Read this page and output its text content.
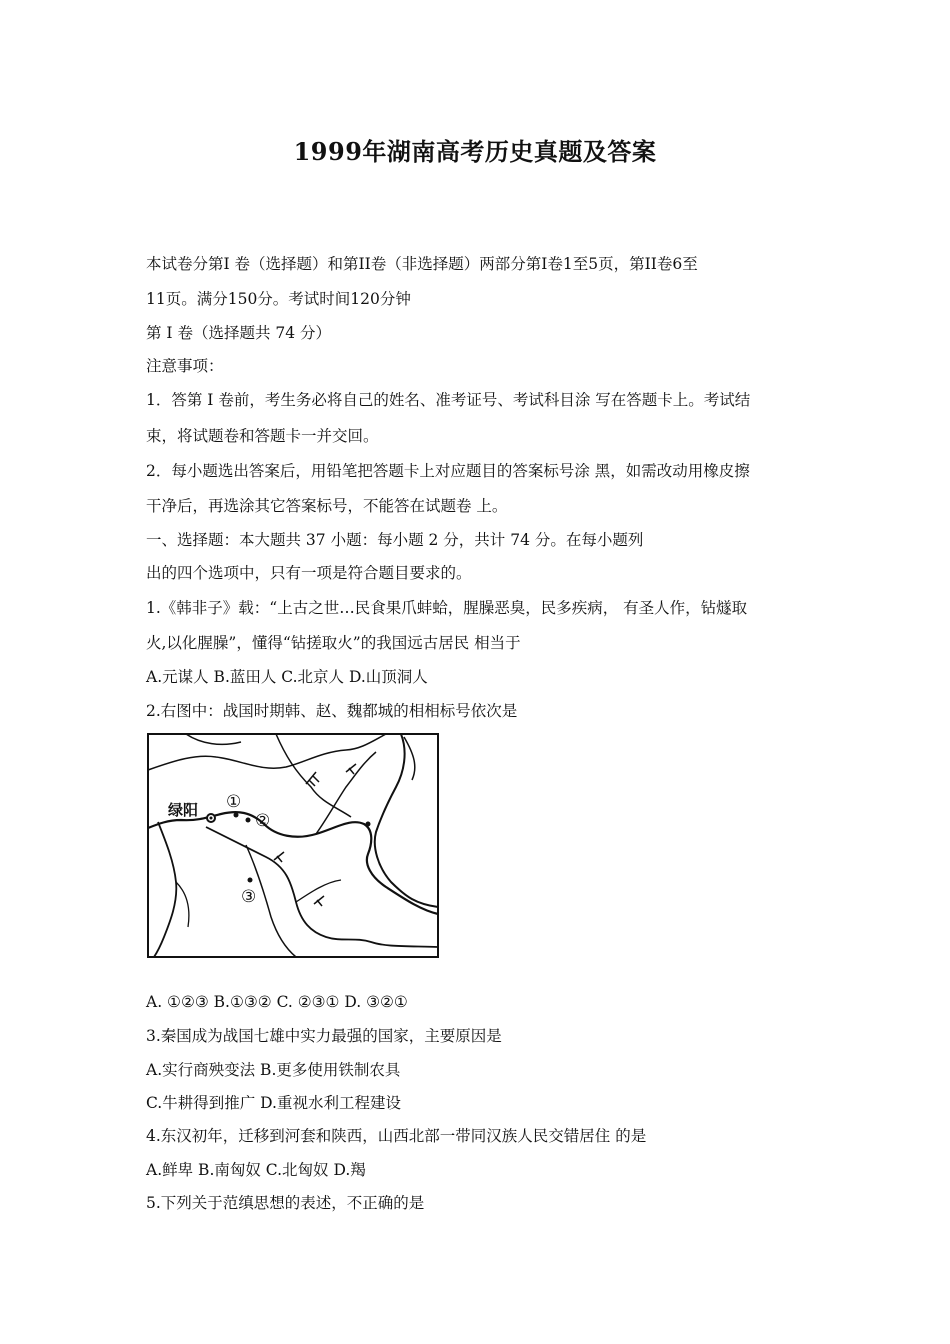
1999年湖南高考历史真题及答案
本试卷分第Ⅰ 卷（选择题）和第II卷（非选择题）两部分第Ⅰ卷1至5页，第II卷6至
11页。满分150分。考试时间120分钟
第 Ⅰ 卷（选择题共 74 分）
注意事项：
1．答第 Ⅰ 卷前，考生务必将自己的姓名、准考证号、考试科目涂 写在答题卡上。考试结
束，将试题卷和答题卡一并交回。
2．每小题选出答案后，用铅笔把答题卡上对应题目的答案标号涂 黑，如需改动用橡皮擦
干净后，再选涂其它答案标号，不能答在试题卷 上。
一、选择题：本大题共 37 小题：每小题 2 分，共计 74 分。在每小题列
出的四个选项中，只有一项是符合题目要求的。
1.《韩非子》载：“上古之世…民食果爪蚌蛤，腥臊恶臭，民多疾病， 有圣人作，钻燧取
火,以化腥臊”，懂得“钻搓取火”的我国远古居民 相当于
A.元谋人 B.蓝田人 C.北京人 D.山顶洞人
2.右图中：战国时期韩、赵、魏都城的相相标号依次是
绿阳 ①
②
③
A. ①②③ B.①③② C. ②③① D. ③②①
3.秦国成为战国七雄中实力最强的国家，主要原因是
A.实行商殃变法 B.更多使用铁制农具
C.牛耕得到推广 D.重视水利工程建设
4.东汉初年，迁移到河套和陕西，山西北部一带同汉族人民交错居住 的是
A.鲜卑 B.南匈奴 C.北匈奴 D.羯
5.下列关于范缜思想的表述，不正确的是
